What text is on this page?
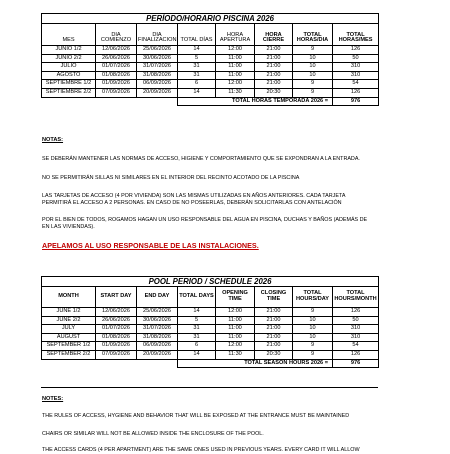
PERÍODO/HORARIO PISCINA 2026							
MES	DIA COMIENZO	DIA FINALIZACION	TOTAL DÍAS	HORA APERTURA	HORA CIERRE	TOTAL HORAS/DIA	TOTAL HORAS/MES
JUNIO 1/2	12/06/2026	25/06/2026	14	12:00	21:00	9	126
JUNIO 2/2	26/06/2026	30/06/2026	5	11:00	21:00	10	50
JULIO	01/07/2026	31/07/2026	31	11:00	21:00	10	310
AGOSTO	01/08/2026	31/08/2026	31	11:00	21:00	10	310
SEPTIEMBRE 1/2	01/09/2026	06/09/2026	6	12:00	21:00	9	54
SEPTIEMBRE 2/2	07/09/2026	20/09/2026	14	11:30	20:30	9	126
			TOTAL HORAS TEMPORADA 2026 =				976
NOTAS:
SE DEBERÁN MANTENER LAS NORMAS DE ACCESO, HIGIENE Y COMPORTAMIENTO QUE SE EXPONDRAN A LA ENTRADA.
NO SE PERMITIRÁN SILLAS NI SIMILARES EN EL INTERIOR DEL RECINTO ACOTADO DE LA PISCINA
LAS TARJETAS DE ACCESO (4 POR VIVIENDA) SON LAS MISMAS UTILIZADAS EN AÑOS ANTERIORES. CADA TARJETA PERMITIRÁ EL ACCESO A 2 PERSONAS. EN CASO DE NO POSEERLAS, DEBERÁN SOLICITARLAS CON ANTELACIÓN
POR EL BIEN DE TODOS, ROGAMOS HAGAN UN USO RESPONSABLE DEL AGUA EN PISCINA, DUCHAS Y BAÑOS (ADEMÁS DE EN LAS VIVIENDAS).
APELAMOS AL USO RESPONSABLE DE LAS INSTALACIONES.
POOL PERIOD / SCHEDULE 2026							
MONTH	START DAY	END DAY	TOTAL DAYS	OPENING TIME	CLOSING TIME	TOTAL HOURS/DAY	TOTAL HOURS/MONTH
JUNE 1/2	12/06/2026	25/06/2026	14	12:00	21:00	9	126
JUNE 2/2	26/06/2026	30/06/2026	5	11:00	21:00	10	50
JULY	01/07/2026	31/07/2026	31	11:00	21:00	10	310
AUGUST	01/08/2026	31/08/2026	31	11:00	21:00	10	310
SEPTEMBER 1/2	01/09/2026	06/09/2026	6	12:00	21:00	9	54
SEPTEMBER 2/2	07/09/2026	20/09/2026	14	11:30	20:30	9	126
			TOTAL SEASON HOURS 2026 =				976
NOTES:
THE RULES OF ACCESS, HYGIENE AND BEHAVIOR THAT WILL BE EXPOSED AT THE ENTRANCE MUST BE MAINTAINED
CHAIRS OR SIMILAR WILL NOT BE ALLOWED INSIDE THE ENCLOSURE OF THE POOL.
THE ACCESS CARDS (4 PER APARTMENT) ARE THE SAME ONES USED IN PREVIOUS YEARS. EVERY CARD IT WILL ALLOW
